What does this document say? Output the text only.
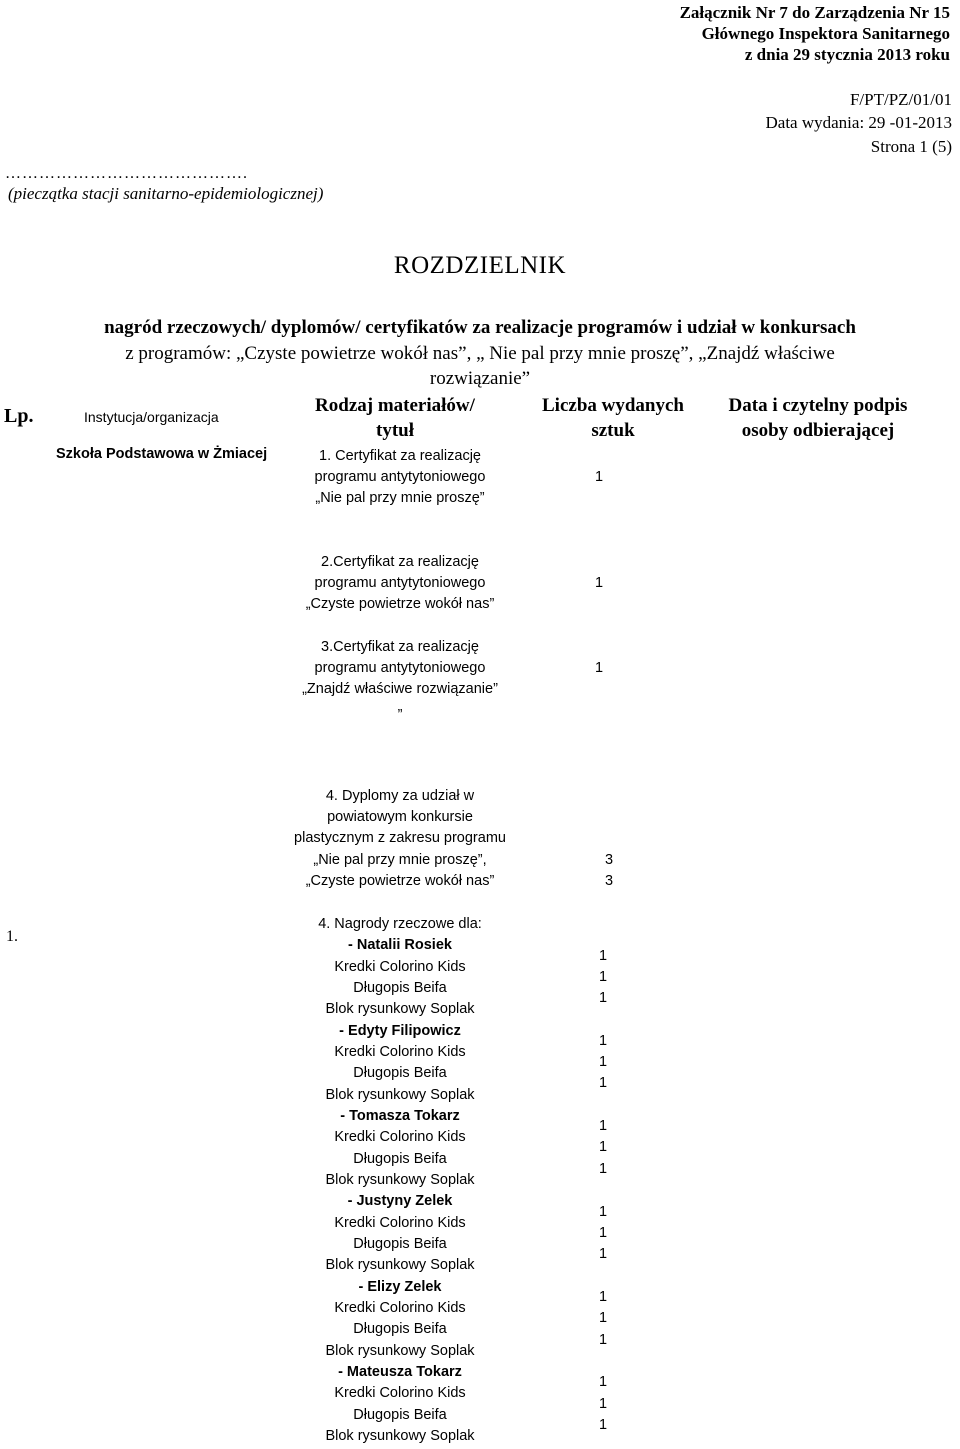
Załącznik Nr 7 do Zarządzenia Nr 15
Głównego Inspektora Sanitarnego
z dnia 29 stycznia 2013 roku
F/PT/PZ/01/01
Data wydania: 29 -01-2013
Strona 1 (5)
…………………………………….
(pieczątka stacji sanitarno-epidemiologicznej)
ROZDZIELNIK
nagród rzeczowych/ dyplomów/ certyfikatów za realizacje programów i udział w konkursach
z programów: „Czyste powietrze wokół nas”, „ Nie pal przy mnie proszę”, „Znajdź właściwe
rozwiązanie”
Lp.	Instytucja/organizacja
Rodzaj materiałów/
tytuł
Liczba wydanych
sztuk
Data i czytelny podpis
osoby odbierającej
1.
Szkoła Podstawowa w Żmiacej	1. Certyfikat za realizację
programu antytytoniowego
„Nie pal przy mnie proszę”
1
2.Certyfikat za realizację
programu antytytoniowego
„Czyste powietrze wokół nas”
1
3.Certyfikat za realizację
programu antytytoniowego
„Znajdź właściwe rozwiązanie”
”
1
4. Dyplomy za udział w
powiatowym konkursie
plastycznym z zakresu programu
„Nie pal przy mnie proszę”,
„Czyste powietrze wokół nas”
3
3
4. Nagrody rzeczowe dla:
- Natalii Rosiek
Kredki Colorino Kids
Długopis Beifa
Blok rysunkowy Soplak
1
1
1
- Edyty Filipowicz
Kredki Colorino Kids
Długopis Beifa
Blok rysunkowy Soplak
1
1
1
- Tomasza Tokarz
Kredki Colorino Kids
Długopis Beifa
Blok rysunkowy Soplak
1
1
1
- Justyny Zelek
Kredki Colorino Kids
Długopis Beifa
Blok rysunkowy Soplak
1
1
1
- Elizy Zelek
Kredki Colorino Kids
Długopis Beifa
Blok rysunkowy Soplak
1
1
1
- Mateusza Tokarz
Kredki Colorino Kids
Długopis Beifa
Blok rysunkowy Soplak
1
1
1
